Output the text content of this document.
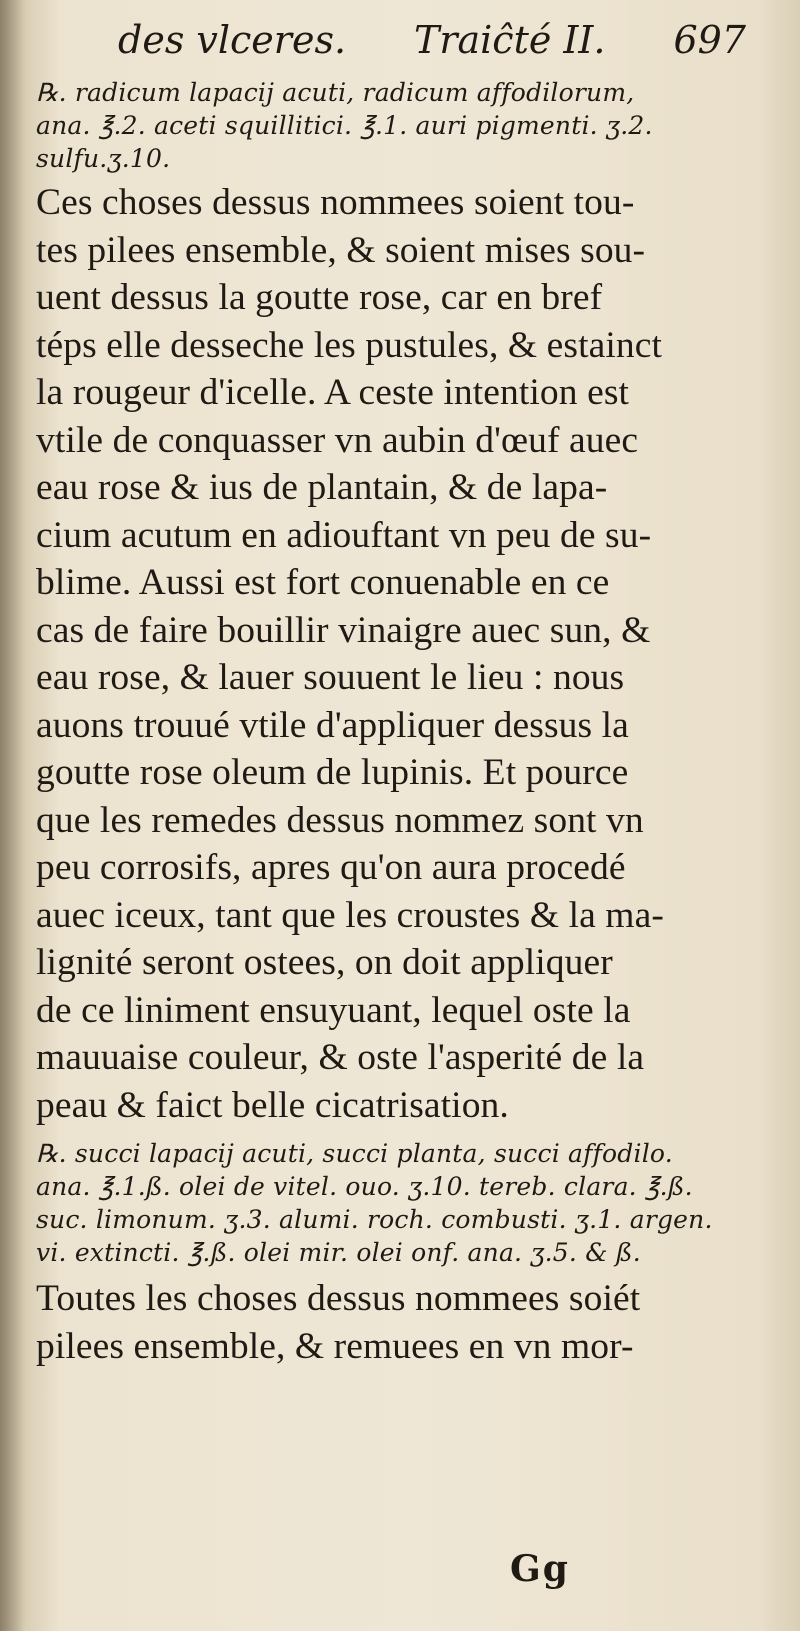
des vlceres. Traiĉté II. 697
℞. radicum lapacij acuti, radicum affodilorum,
ana. ℥.2. aceti squillitici. ℥.1. auri pigmenti. ʒ.2.
sulfu.ʒ.10.
Ces choses dessus nommees soient tou-
tes pilees ensemble, & soient mises sou-
uent dessus la goutte rose, car en bref
téps elle desseche les pustules, & estainct
la rougeur d'icelle. A ceste intention est
vtile de conquasser vn aubin d'œuf auec
eau rose & ius de plantain, & de lapa-
cium acutum en adiouftant vn peu de su-
blime. Aussi est fort conuenable en ce
cas de faire bouillir vinaigre auec sun, &
eau rose, & lauer souuent le lieu : nous
auons trouué vtile d'appliquer dessus la
goutte rose oleum de lupinis. Et pource
que les remedes dessus nommez sont vn
peu corrosifs, apres qu'on aura procedé
auec iceux, tant que les croustes & la ma-
lignité seront ostees, on doit appliquer
de ce liniment ensuyuant, lequel oste la
mauuaise couleur, & oste l'asperité de la
peau & faict belle cicatrisation.
℞. succi lapacij acuti, succi planta, succi affodilo.
ana. ℥.1.ß. olei de vitel. ouo. ʒ.10. tereb. clara. ℥.ß.
suc. limonum. ʒ.3. alumi. roch. combusti. ʒ.1. argen.
vi. extincti. ℥.ß. olei mir. olei onf. ana. ʒ.5. & ß.
Toutes les choses dessus nommees soiét
pilees ensemble, & remuees en vn mor-
Gg
